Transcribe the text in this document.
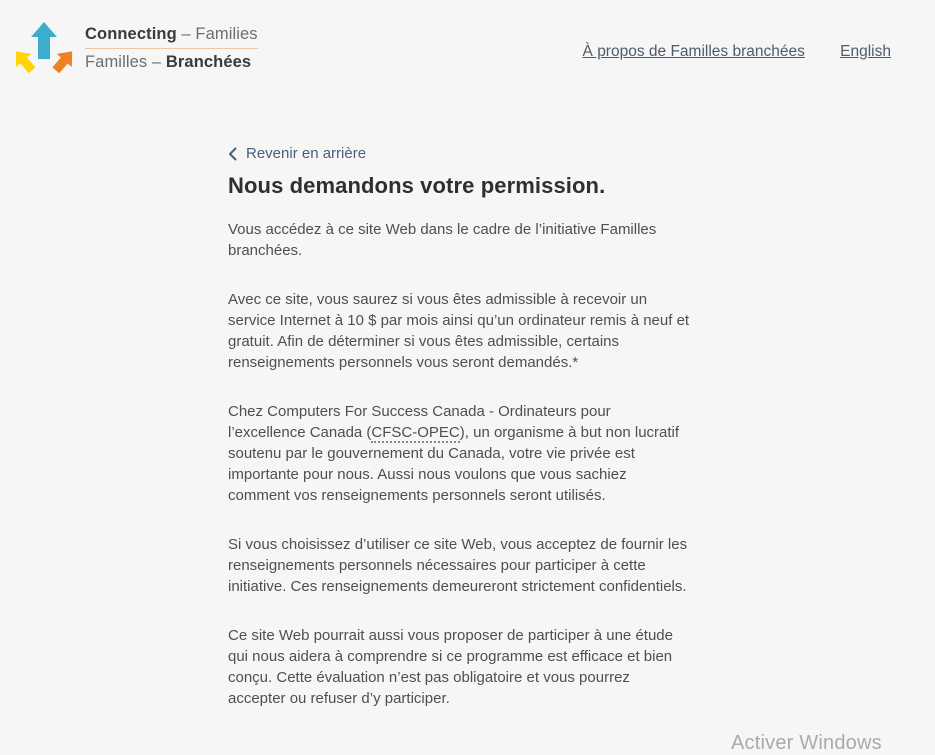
Connecting – Families
Familles – Branchées
À propos de Familles branchées English
Revenir en arrière
Nous demandons votre permission.

Vous accédez à ce site Web dans le cadre de l’initiative Familles branchées.

Avec ce site, vous saurez si vous êtes admissible à recevoir un service Internet à 10 $ par mois ainsi qu’un ordinateur remis à neuf et gratuit. Afin de déterminer si vous êtes admissible, certains renseignements personnels vous seront demandés.*

Chez Computers For Success Canada - Ordinateurs pour l’excellence Canada (CFSC-OPEC), un organisme à but non lucratif soutenu par le gouvernement du Canada, votre vie privée est importante pour nous. Aussi nous voulons que vous sachiez comment vos renseignements personnels seront utilisés.

Si vous choisissez d’utiliser ce site Web, vous acceptez de fournir les renseignements personnels nécessaires pour participer à cette initiative. Ces renseignements demeureront strictement confidentiels.

Ce site Web pourrait aussi vous proposer de participer à une étude qui nous aidera à comprendre si ce programme est efficace et bien conçu. Cette évaluation n’est pas obligatoire et vous pourrez accepter ou refuser d’y participer.

Activer Windows
